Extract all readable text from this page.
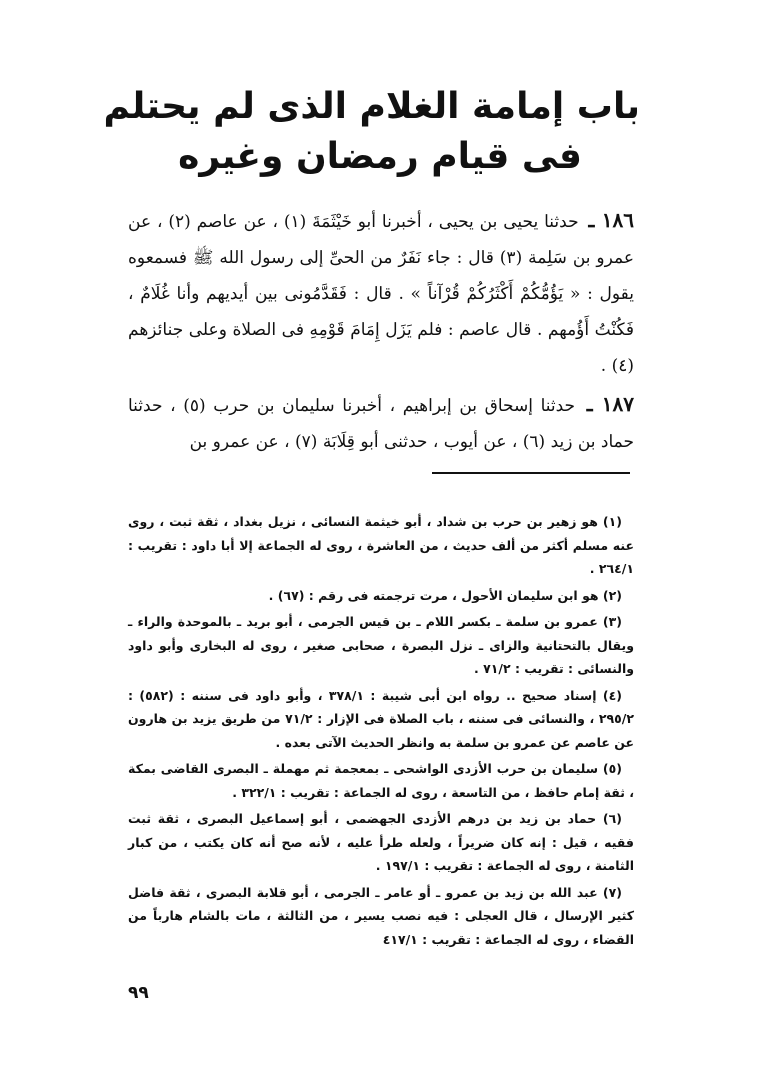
باب إمامة الغلام الذى لم يحتلم
فى قيام رمضان وغيره

١٨٦ ـ حدثنا يحيى بن يحيى ، أخبرنا أبو خَيْثَمَةَ (١) ، عن عاصم (٢) ، عن عمرو بن سَلِمة (٣) قال : جاء نَفَرٌ من الحىِّ إلى رسول الله ﷺ فسمعوه يقول : « يَؤُمُّكُمْ أَكْثَرُكُمْ قُرْآناً » . قال : فَقَدَّمُونى بين أيديهم وأنا غُلَامٌ ، فَكُنْتُ أَؤُمهم . قال عاصم : فلم يَزَل إِمَامَ قَوْمِهِ فى الصلاة وعلى جنائزهم (٤) .

١٨٧ ـ حدثنا إسحاق بن إبراهيم ، أخبرنا سليمان بن حرب (٥) ، حدثنا حماد بن زيد (٦) ، عن أيوب ، حدثنى أبو قِلَابَة (٧) ، عن عمرو بن

(١) هو زهير بن حرب بن شداد ، أبو خيثمة النسائى ، نزيل بغداد ، ثقة ثبت ، روى عنه مسلم أكثر من ألف حديث ، من العاشرة ، روى له الجماعة إلا أبا داود : تقريب : ٢٦٤/١ .

(٢) هو ابن سليمان الأحول ، مرت ترجمته فى رقم : (٦٧) .

(٣) عمرو بن سلمة ـ بكسر اللام ـ بن قيس الجرمى ، أبو بريد ـ بالموحدة والراء ـ ويقال بالتحتانية والزاى ـ نزل البصرة ، صحابى صغير ، روى له البخارى وأبو داود والنسائى : تقريب : ٧١/٢ .

(٤) إسناد صحيح .. رواه ابن أبى شيبة : ٣٧٨/١ ، وأبو داود فى سننه : (٥٨٢) : ٢٩٥/٢ ، والنسائى فى سننه ، باب الصلاة فى الإزار : ٧١/٢ من طريق يزيد بن هارون عن عاصم عن عمرو بن سلمة به وانظر الحديث الآتى بعده .

(٥) سليمان بن حرب الأزدى الواشحى ـ بمعجمة ثم مهملة ـ البصرى القاضى بمكة ، ثقة إمام حافظ ، من التاسعة ، روى له الجماعة : تقريب : ٣٢٢/١ .

(٦) حماد بن زيد بن درهم الأزدى الجهضمى ، أبو إسماعيل البصرى ، ثقة ثبت فقيه ، قيل : إنه كان ضريراً ، ولعله طرأ عليه ، لأنه صح أنه كان يكتب ، من كبار الثامنة ، روى له الجماعة : تقريب : ١٩٧/١ .

(٧) عبد الله بن زيد بن عمرو ـ أو عامر ـ الجرمى ، أبو قلابة البصرى ، ثقة فاضل كثير الإرسال ، قال العجلى : فيه نصب يسير ، من الثالثة ، مات بالشام هارباً من القضاء ، روى له الجماعة : تقريب : ٤١٧/١

٩٩
